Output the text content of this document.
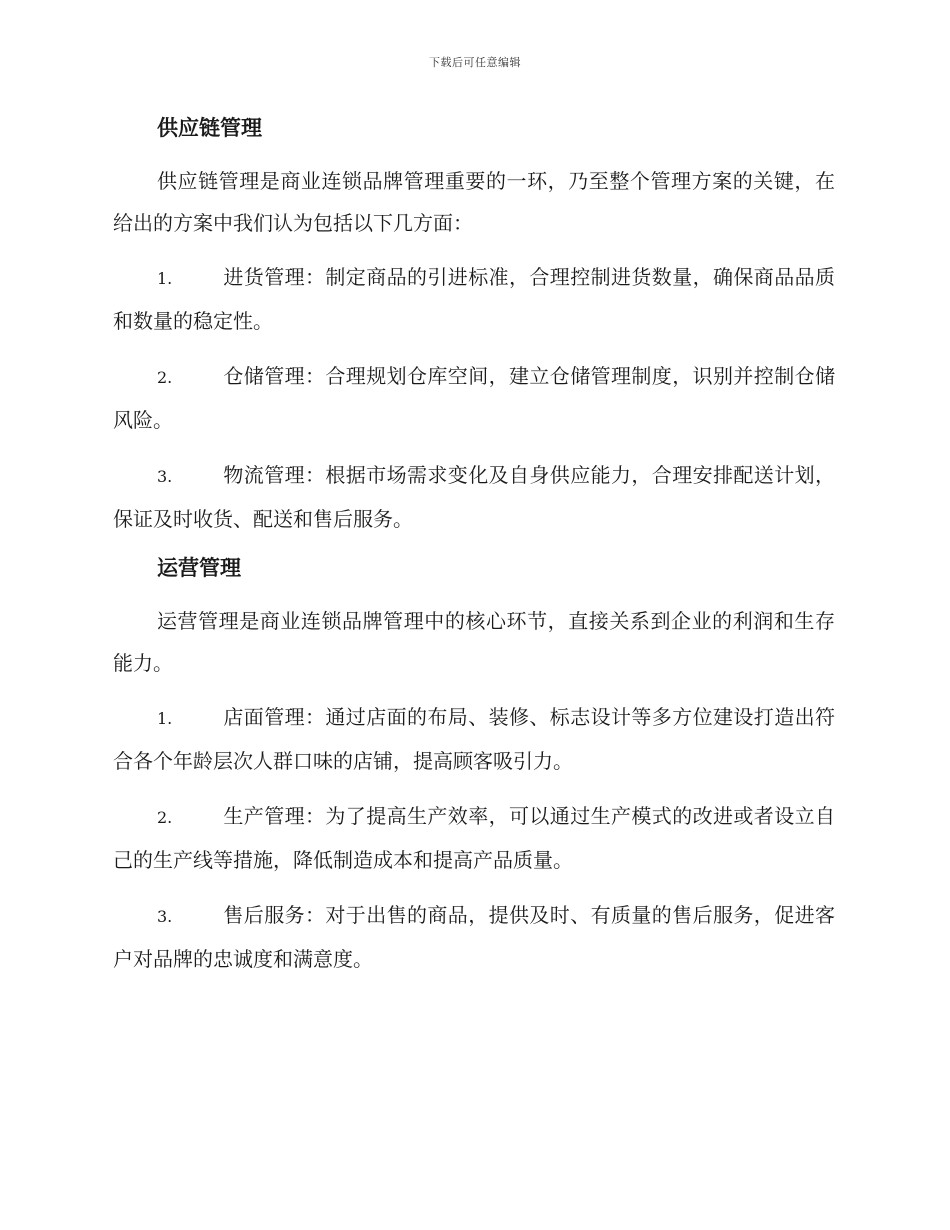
下载后可任意编辑
供应链管理

供应链管理是商业连锁品牌管理重要的一环，乃至整个管理方案的关键，在给出的方案中我们认为包括以下几方面：

1.	进货管理：制定商品的引进标准，合理控制进货数量，确保商品品质和数量的稳定性。

2.	仓储管理：合理规划仓库空间，建立仓储管理制度，识别并控制仓储风险。

3.	物流管理：根据市场需求变化及自身供应能力，合理安排配送计划，保证及时收货、配送和售后服务。

运营管理

运营管理是商业连锁品牌管理中的核心环节，直接关系到企业的利润和生存能力。

1.	店面管理：通过店面的布局、装修、标志设计等多方位建设打造出符合各个年龄层次人群口味的店铺，提高顾客吸引力。

2.	生产管理：为了提高生产效率，可以通过生产模式的改进或者设立自己的生产线等措施，降低制造成本和提高产品质量。

3.	售后服务：对于出售的商品，提供及时、有质量的售后服务，促进客户对品牌的忠诚度和满意度。
